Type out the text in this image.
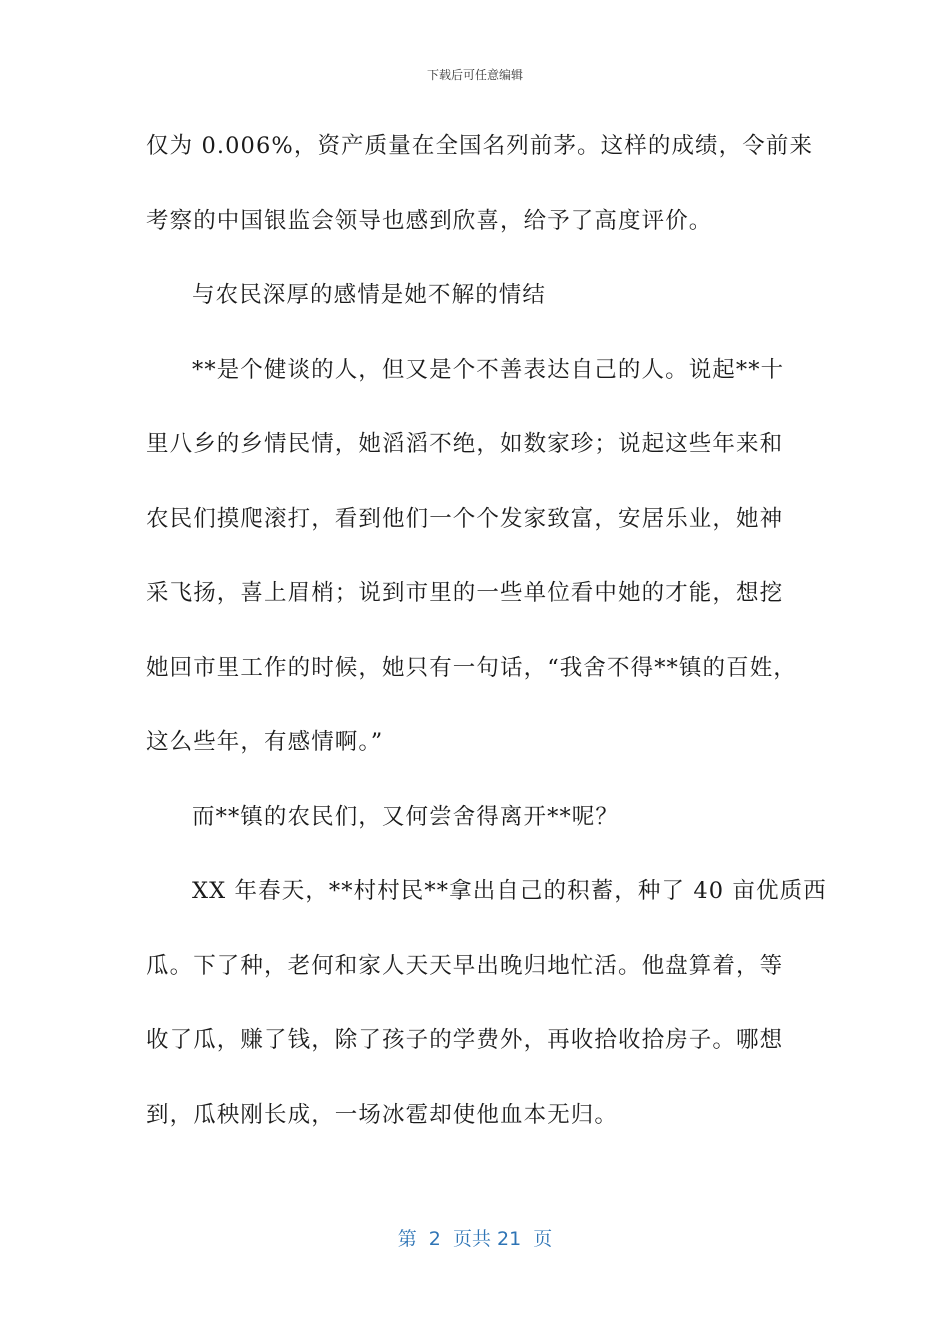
下载后可任意编辑
仅为 0.006%，资产质量在全国名列前茅。这样的成绩，令前来
考察的中国银监会领导也感到欣喜，给予了高度评价。
与农民深厚的感情是她不解的情结
**是个健谈的人，但又是个不善表达自己的人。说起**十
里八乡的乡情民情，她滔滔不绝，如数家珍；说起这些年来和
农民们摸爬滚打，看到他们一个个发家致富，安居乐业，她神
采飞扬，喜上眉梢；说到市里的一些单位看中她的才能，想挖
她回市里工作的时候，她只有一句话，“我舍不得**镇的百姓，
这么些年，有感情啊。”
而**镇的农民们，又何尝舍得离开**呢？
XX 年春天，**村村民**拿出自己的积蓄，种了 40 亩优质西
瓜。下了种，老何和家人天天早出晚归地忙活。他盘算着，等
收了瓜，赚了钱，除了孩子的学费外，再收拾收拾房子。哪想
到，瓜秧刚长成，一场冰雹却使他血本无归。
第  2  页共 21  页
